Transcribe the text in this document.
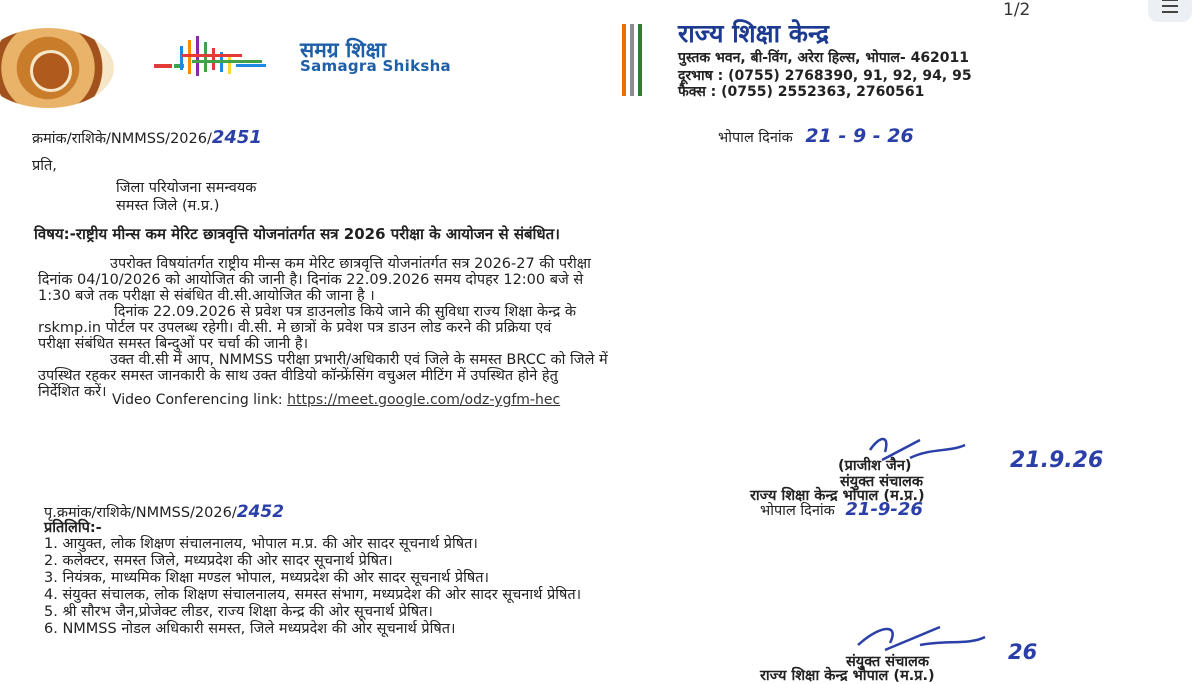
1/2
समग्र शिक्षा
Samagra Shiksha
राज्य शिक्षा केन्द्र
पुस्तक भवन, बी-विंग, अरेरा हिल्स, भोपाल- 462011
दूरभाष : (0755) 2768390, 91, 92, 94, 95
फैक्स : (0755) 2552363, 2760561
क्रमांक/राशिके/NMMSS/2026/2451	भोपाल दिनांक 21 - 9 - 26
प्रति,
जिला परियोजना समन्वयक
समस्त जिले (म.प्र.)
विषय:-राष्ट्रीय मीन्स कम मेरिट छात्रवृत्ति योजनांतर्गत सत्र 2026 परीक्षा के आयोजन से संबंधित।
उपरोक्त विषयांतर्गत राष्ट्रीय मीन्स कम मेरिट छात्रवृत्ति योजनांतर्गत सत्र 2026-27 की परीक्षा
दिनांक 04/10/2026 को आयोजित की जानी है। दिनांक 22.09.2026 समय दोपहर 12:00 बजे से
1:30 बजे तक परीक्षा से संबंधित वी.सी.आयोजित की जाना है ।
दिनांक 22.09.2026 से प्रवेश पत्र डाउनलोड किये जाने की सुविधा राज्य शिक्षा केन्द्र के
rskmp.in पोर्टल पर उपलब्ध रहेगी। वी.सी. मे छात्रों के प्रवेश पत्र डाउन लोड करने की प्रक्रिया एवं
परीक्षा संबंधित समस्त बिन्दुओं पर चर्चा की जानी है।
उक्त वी.सी में आप, NMMSS परीक्षा प्रभारी/अधिकारी एवं जिले के समस्त BRCC को जिले में
उपस्थित रहकर समस्त जानकारी के साथ उक्त वीडियो कॉन्फ्रेंसिंग वचुअल मीटिंग में उपस्थित होने हेतु
निर्देशित करें। Video Conferencing link: https://meet.google.com/odz-ygfm-hec
(प्राजीश जैन)	21.9.26
संयुक्त संचालक
राज्य शिक्षा केन्द्र भोपाल (म.प्र.)
पृ.क्रमांक/राशिके/NMMSS/2026/2452	भोपाल दिनांक 21-9-26
प्रतिलिपि:-
1. आयुक्त, लोक शिक्षण संचालनालय, भोपाल म.प्र. की ओर सादर सूचनार्थ प्रेषित।
2. कलेक्टर, समस्त जिले, मध्यप्रदेश की ओर सादर सूचनार्थ प्रेषित।
3. नियंत्रक, माध्यमिक शिक्षा मण्डल भोपाल, मध्यप्रदेश की ओर सादर सूचनार्थ प्रेषित।
4. संयुक्त संचालक, लोक शिक्षण संचालनालय, समस्त संभाग, मध्यप्रदेश की ओर सादर सूचनार्थ प्रेषित।
5. श्री सौरभ जैन,प्रोजेक्ट लीडर, राज्य शिक्षा केन्द्र की ओर सूचनार्थ प्रेषित।
6. NMMSS नोडल अधिकारी समस्त, जिले मध्यप्रदेश की ओर सूचनार्थ प्रेषित।
संयुक्त संचालक	26
राज्य शिक्षा केन्द्र भोपाल (म.प्र.)
